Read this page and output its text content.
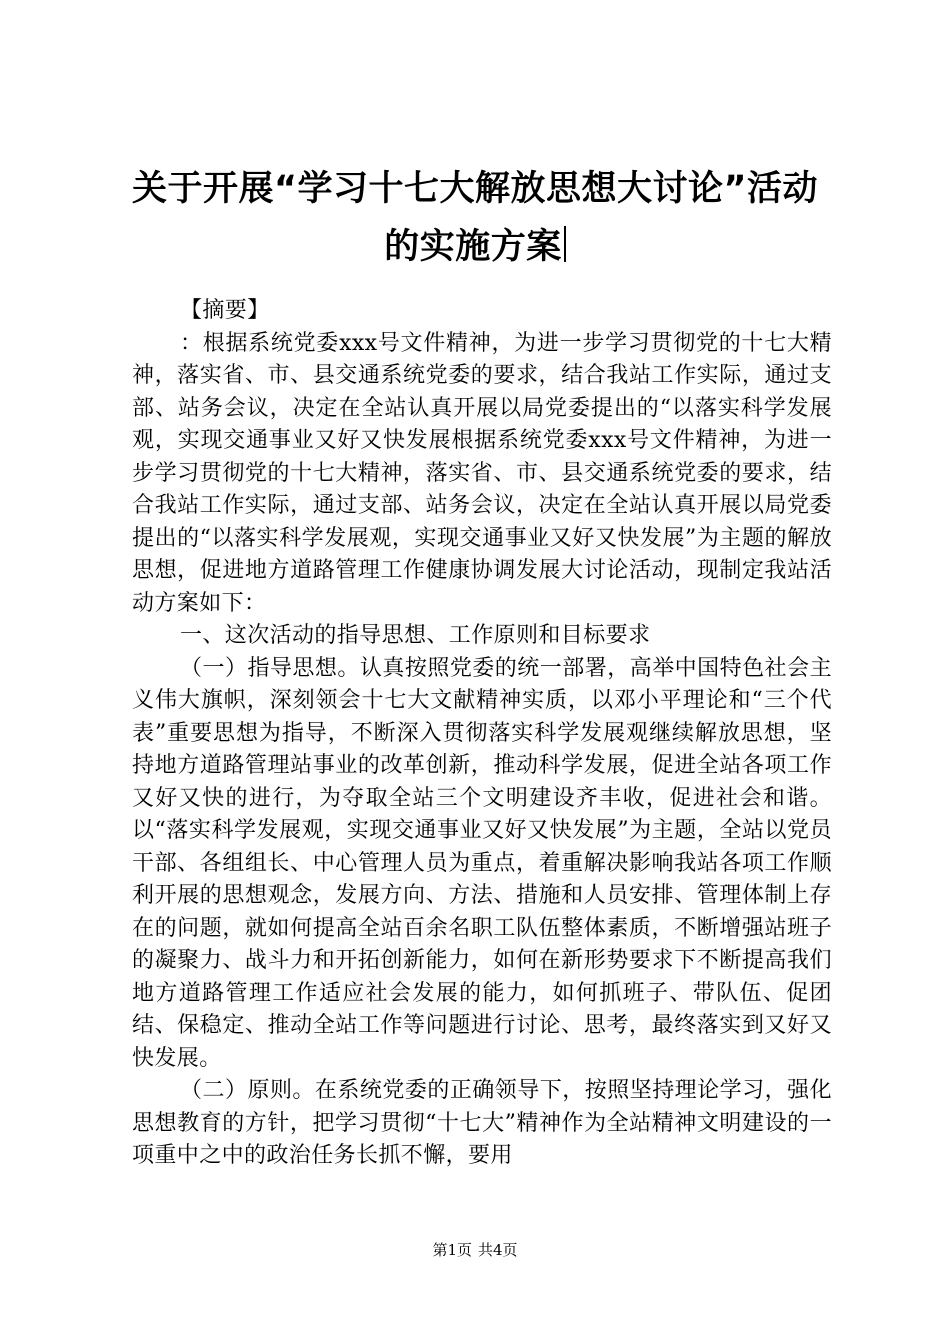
关于开展“学习十七大解放思想大讨论”活动
的实施方案

【摘要】

：根据系统党委xxx号文件精神，为进一步学习贯彻党的十七大精神，落实省、市、县交通系统党委的要求，结合我站工作实际，通过支部、站务会议，决定在全站认真开展以局党委提出的“以落实科学发展观，实现交通事业又好又快发展根据系统党委xxx号文件精神，为进一步学习贯彻党的十七大精神，落实省、市、县交通系统党委的要求，结合我站工作实际，通过支部、站务会议，决定在全站认真开展以局党委提出的“以落实科学发展观，实现交通事业又好又快发展”为主题的解放思想，促进地方道路管理工作健康协调发展大讨论活动，现制定我站活动方案如下：

一、这次活动的指导思想、工作原则和目标要求

（一）指导思想。认真按照党委的统一部署，高举中国特色社会主义伟大旗帜，深刻领会十七大文献精神实质，以邓小平理论和“三个代表”重要思想为指导，不断深入贯彻落实科学发展观继续解放思想，坚持地方道路管理站事业的改革创新，推动科学发展，促进全站各项工作又好又快的进行，为夺取全站三个文明建设齐丰收，促进社会和谐。以“落实科学发展观，实现交通事业又好又快发展”为主题，全站以党员干部、各组组长、中心管理人员为重点，着重解决影响我站各项工作顺利开展的思想观念，发展方向、方法、措施和人员安排、管理体制上存在的问题，就如何提高全站百余名职工队伍整体素质，不断增强站班子的凝聚力、战斗力和开拓创新能力，如何在新形势要求下不断提高我们地方道路管理工作适应社会发展的能力，如何抓班子、带队伍、促团结、保稳定、推动全站工作等问题进行讨论、思考，最终落实到又好又快发展。

（二）原则。在系统党委的正确领导下，按照坚持理论学习，强化思想教育的方针，把学习贯彻“十七大”精神作为全站精神文明建设的一项重中之中的政治任务长抓不懈，要用

第1页 共4页
